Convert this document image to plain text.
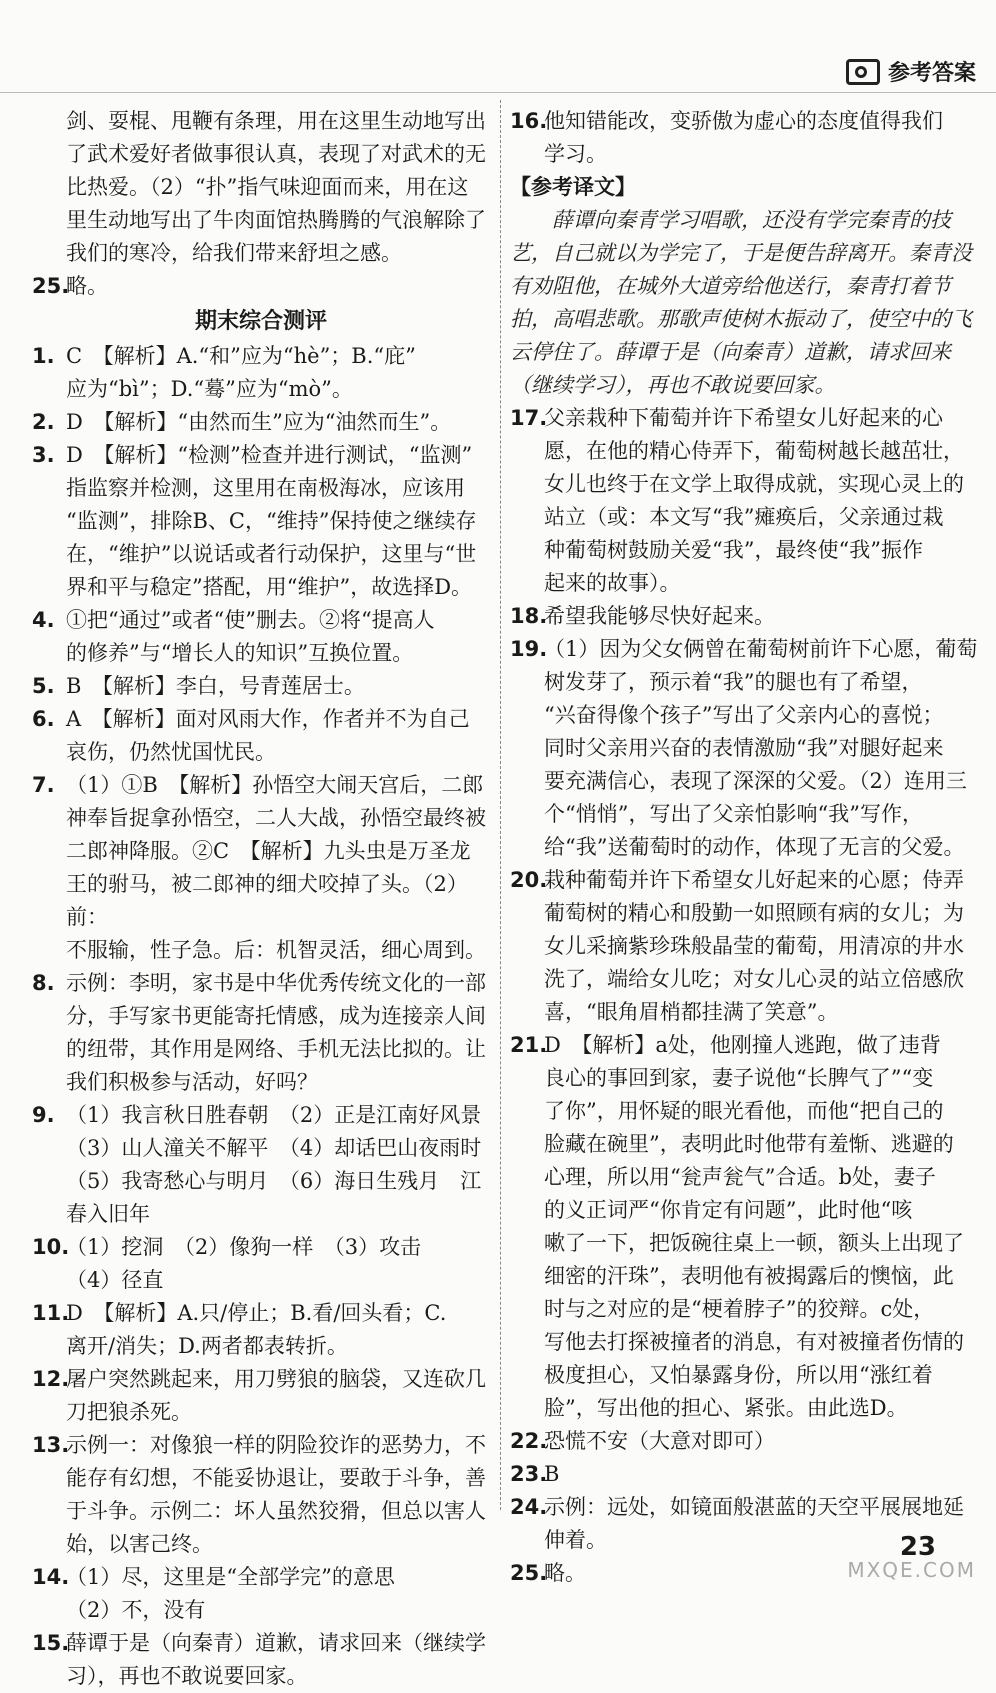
参考答案
剑、耍棍、甩鞭有条理，用在这里生动地写出
了武术爱好者做事很认真，表现了对武术的无
比热爱。（2）“扑”指气味迎面而来，用在这
里生动地写出了牛肉面馆热腾腾的气浪解除了
我们的寒冷，给我们带来舒坦之感。
25.
略。
期末综合测评
1. C　【解析】A.“和”应为“hè”；B.“庇”
应为“bì”；D.“蓦”应为“mò”。
2. D　【解析】“由然而生”应为“油然而生”。
3. D　【解析】“检测”检查并进行测试，“监测”
指监察并检测，这里用在南极海冰，应该用
“监测”，排除B、C，“维持”保持使之继续存
在，“维护”以说话或者行动保护，这里与“世
界和平与稳定”搭配，用“维护”，故选择D。
4. ①把“通过”或者“使”删去。②将“提高人
的修养”与“增长人的知识”互换位置。
5. B　【解析】李白，号青莲居士。
6. A　【解析】面对风雨大作，作者并不为自己
哀伤，仍然忧国忧民。
7. （1）①B　【解析】孙悟空大闹天宫后，二郎
神奉旨捉拿孙悟空，二人大战，孙悟空最终被
二郎神降服。②C　【解析】九头虫是万圣龙
王的驸马，被二郎神的细犬咬掉了头。（2）前：
不服输，性子急。后：机智灵活，细心周到。
8. 示例：李明，家书是中华优秀传统文化的一部
分，手写家书更能寄托情感，成为连接亲人间
的纽带，其作用是网络、手机无法比拟的。让
我们积极参与活动，好吗？
9. （1）我言秋日胜春朝　（2）正是江南好风景
（3）山人潼关不解平　（4）却话巴山夜雨时
（5）我寄愁心与明月　（6）海日生残月　江
春入旧年
10.
（1）挖洞　（2）像狗一样　（3）攻击
（4）径直
11.
D　【解析】A.只/停止；B.看/回头看；C.
离开/消失；D.两者都表转折。
12.
屠户突然跳起来，用刀劈狼的脑袋，又连砍几
刀把狼杀死。
13.
示例一：对像狼一样的阴险狡诈的恶势力，不
能存有幻想，不能妥协退让，要敢于斗争，善
于斗争。示例二：坏人虽然狡猾，但总以害人
始，以害己终。
14.
（1）尽，这里是“全部学完”的意思
（2）不，没有
15.
薛谭于是（向秦青）道歉，请求回来（继续学
习），再也不敢说要回家。
16.
他知错能改，变骄傲为虚心的态度值得我们
学习。
【参考译文】
　　薛谭向秦青学习唱歌，还没有学完秦青的技
艺，自己就以为学完了，于是便告辞离开。秦青没
有劝阻他，在城外大道旁给他送行，秦青打着节
拍，高唱悲歌。那歌声使树木振动了，使空中的飞
云停住了。薛谭于是（向秦青）道歉，请求回来
（继续学习），再也不敢说要回家。
17.
父亲栽种下葡萄并许下希望女儿好起来的心
愿，在他的精心侍弄下，葡萄树越长越茁壮，
女儿也终于在文学上取得成就，实现心灵上的
站立（或：本文写“我”瘫痪后，父亲通过栽
种葡萄树鼓励关爱“我”，最终使“我”振作
起来的故事）。
18.
希望我能够尽快好起来。
19.
（1）因为父女俩曾在葡萄树前许下心愿，葡萄
树发芽了，预示着“我”的腿也有了希望，
“兴奋得像个孩子”写出了父亲内心的喜悦；
同时父亲用兴奋的表情激励“我”对腿好起来
要充满信心，表现了深深的父爱。（2）连用三
个“悄悄”，写出了父亲怕影响“我”写作，
给“我”送葡萄时的动作，体现了无言的父爱。
20.
栽种葡萄并许下希望女儿好起来的心愿；侍弄
葡萄树的精心和殷勤一如照顾有病的女儿；为
女儿采摘紫珍珠般晶莹的葡萄，用清凉的井水
洗了，端给女儿吃；对女儿心灵的站立倍感欣
喜，“眼角眉梢都挂满了笑意”。
21.
D　【解析】a处，他刚撞人逃跑，做了违背
良心的事回到家，妻子说他“长脾气了”“变
了你”，用怀疑的眼光看他，而他“把自己的
脸藏在碗里”，表明此时他带有羞惭、逃避的
心理，所以用“瓮声瓮气”合适。b处，妻子
的义正词严“你肯定有问题”，此时他“咳
嗽了一下，把饭碗往桌上一顿，额头上出现了
细密的汗珠”，表明他有被揭露后的懊恼，此
时与之对应的是“梗着脖子”的狡辩。c处，
写他去打探被撞者的消息，有对被撞者伤情的
极度担心，又怕暴露身份，所以用“涨红着
脸”，写出他的担心、紧张。由此选D。
22.
恐慌不安（大意对即可）
23.
B
24.
示例：远处，如镜面般湛蓝的天空平展展地延
伸着。
25.
略。
23
MXQE.COM
